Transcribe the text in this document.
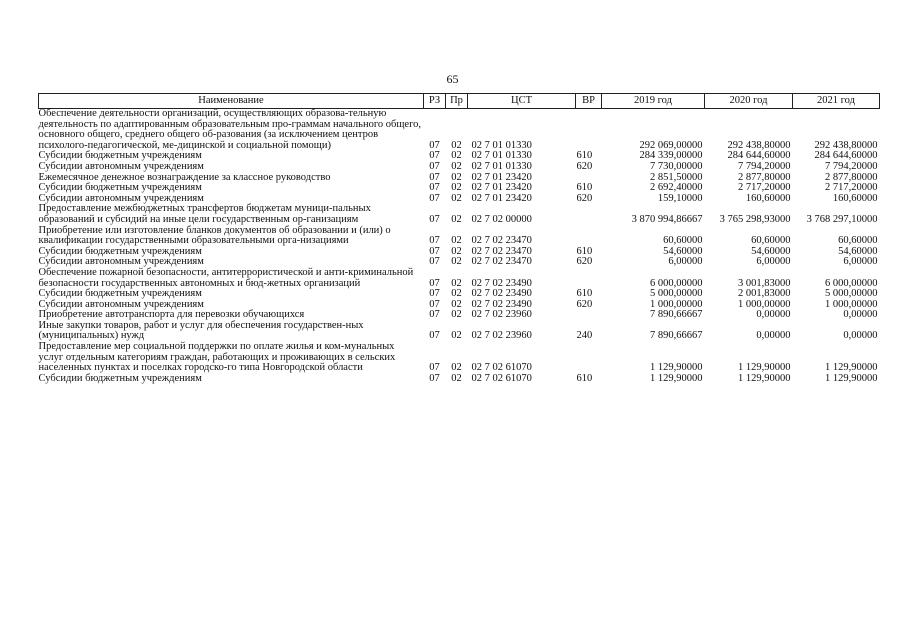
65
Наименование	РЗ	Пр	ЦСТ	ВР	2019 год	2020 год	2021 год
Обеспечение деятельности организаций, осуществляющих образова-тельную деятельность по адаптированным образовательным про-граммам начального общего, основного общего, среднего общего об-разования (за исключением центров психолого-педагогической, ме-дицинской и социальной помощи)	07	02	02 7 01 01330		292 069,00000	292 438,80000	292 438,80000
Субсидии бюджетным учреждениям	07	02	02 7 01 01330	610	284 339,00000	284 644,60000	284 644,60000
Субсидии автономным учреждениям	07	02	02 7 01 01330	620	7 730,00000	7 794,20000	7 794,20000
Ежемесячное денежное вознаграждение за классное руководство	07	02	02 7 01 23420		2 851,50000	2 877,80000	2 877,80000
Субсидии бюджетным учреждениям	07	02	02 7 01 23420	610	2 692,40000	2 717,20000	2 717,20000
Субсидии автономным учреждениям	07	02	02 7 01 23420	620	159,10000	160,60000	160,60000
Предоставление межбюджетных трансфертов бюджетам муници-пальных образований и субсидий на иные цели государственным ор-ганизациям	07	02	02 7 02 00000		3 870 994,86667	3 765 298,93000	3 768 297,10000
Приобретение или изготовление бланков документов об образовании и (или) о квалификации государственными образовательными орга-низациями	07	02	02 7 02 23470		60,60000	60,60000	60,60000
Субсидии бюджетным учреждениям	07	02	02 7 02 23470	610	54,60000	54,60000	54,60000
Субсидии автономным учреждениям	07	02	02 7 02 23470	620	6,00000	6,00000	6,00000
Обеспечение пожарной безопасности, антитеррористической и анти-криминальной безопасности государственных автономных и бюд-жетных организаций	07	02	02 7 02 23490		6 000,00000	3 001,83000	6 000,00000
Субсидии бюджетным учреждениям	07	02	02 7 02 23490	610	5 000,00000	2 001,83000	5 000,00000
Субсидии автономным учреждениям	07	02	02 7 02 23490	620	1 000,00000	1 000,00000	1 000,00000
Приобретение автотранспорта для перевозки обучающихся	07	02	02 7 02 23960		7 890,66667	0,00000	0,00000
Иные закупки товаров, работ и услуг для обеспечения государствен-ных (муниципальных) нужд	07	02	02 7 02 23960	240	7 890,66667	0,00000	0,00000
Предоставление мер социальной поддержки по оплате жилья и ком-мунальных услуг отдельным категориям граждан, работающих и проживающих в сельских населенных пунктах и поселках городско-го типа Новгородской области	07	02	02 7 02 61070		1 129,90000	1 129,90000	1 129,90000
Субсидии бюджетным учреждениям	07	02	02 7 02 61070	610	1 129,90000	1 129,90000	1 129,90000
